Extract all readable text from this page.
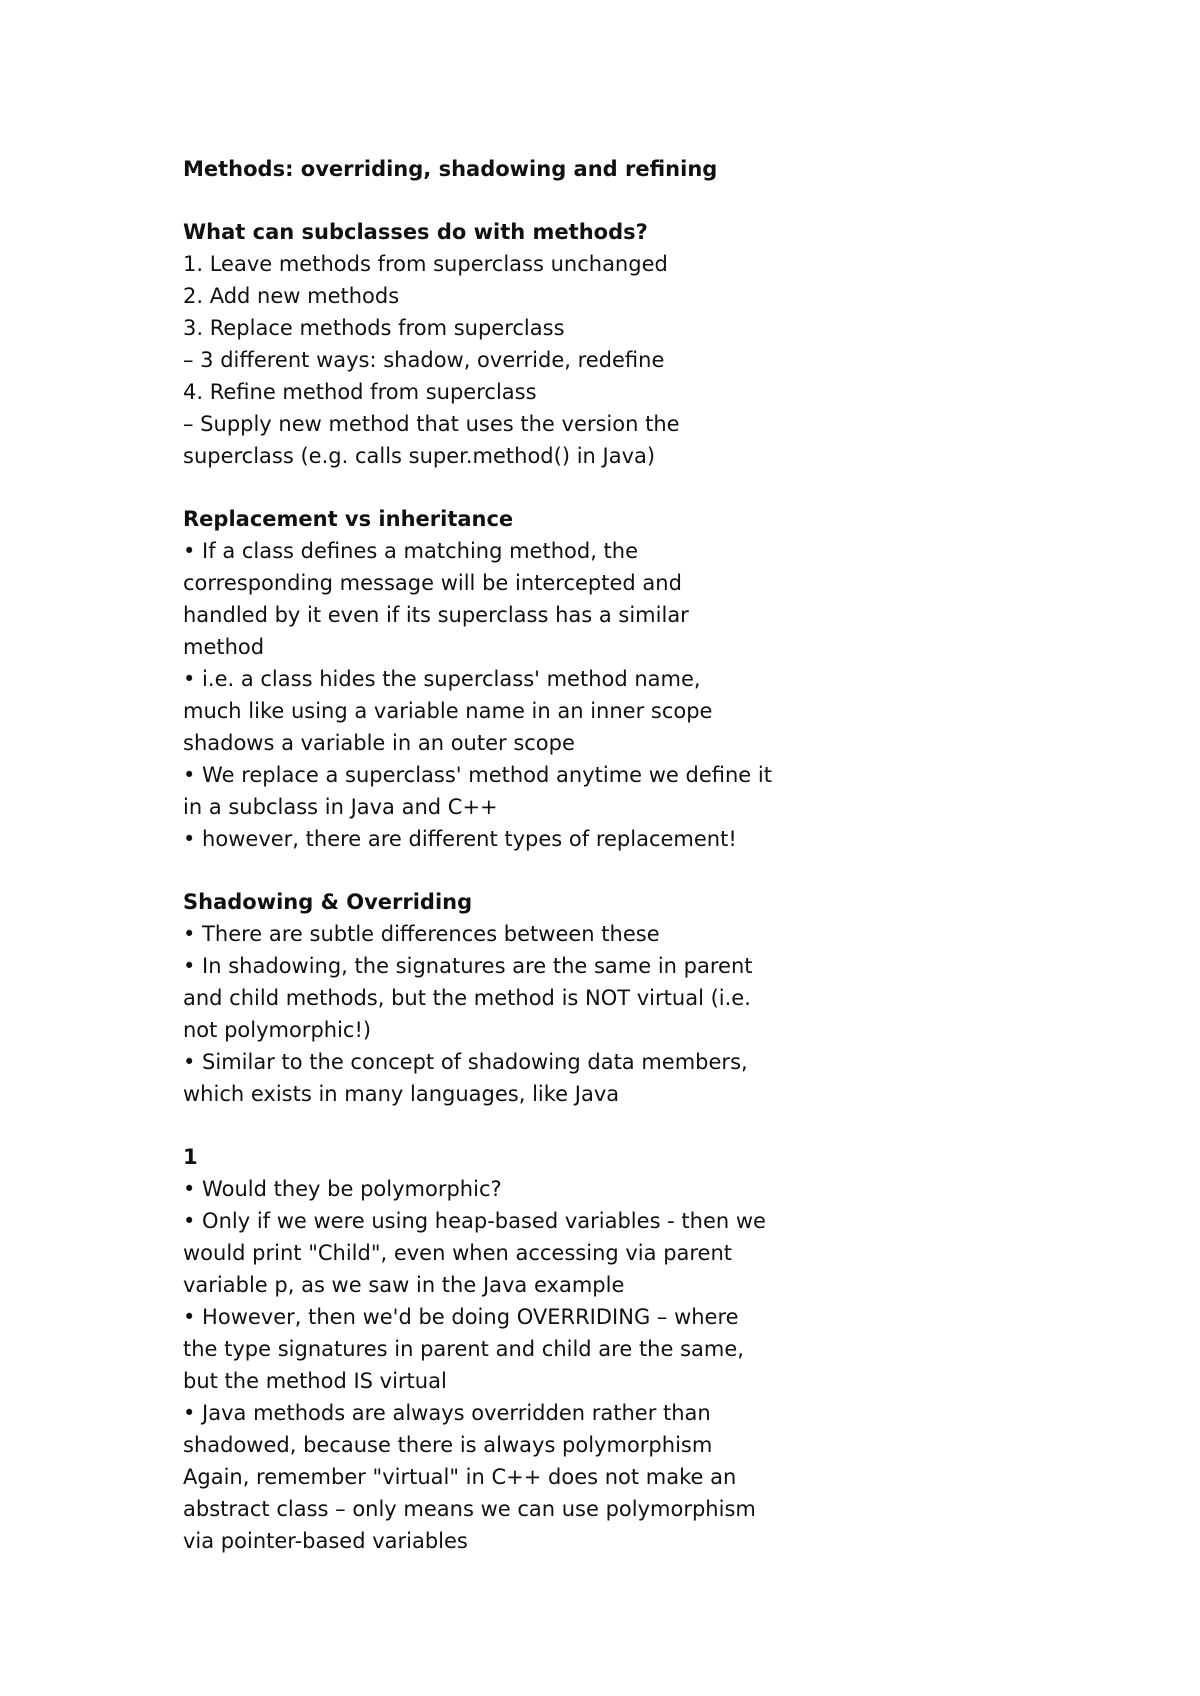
Methods: overriding, shadowing and refining
What can subclasses do with methods?
1. Leave methods from superclass unchanged
2. Add new methods
3. Replace methods from superclass
– 3 different ways: shadow, override, redefine
4. Refine method from superclass
– Supply new method that uses the version the
superclass (e.g. calls super.method() in Java)
Replacement vs inheritance
• If a class defines a matching method, the
corresponding message will be intercepted and
handled by it even if its superclass has a similar
method
• i.e. a class hides the superclass' method name,
much like using a variable name in an inner scope
shadows a variable in an outer scope
• We replace a superclass' method anytime we define it
in a subclass in Java and C++
• however, there are different types of replacement!
Shadowing & Overriding
• There are subtle differences between these
• In shadowing, the signatures are the same in parent
and child methods, but the method is NOT virtual (i.e.
not polymorphic!)
• Similar to the concept of shadowing data members,
which exists in many languages, like Java
1
• Would they be polymorphic?
• Only if we were using heap-based variables - then we
would print "Child", even when accessing via parent
variable p, as we saw in the Java example
• However, then we'd be doing OVERRIDING – where
the type signatures in parent and child are the same,
but the method IS virtual
• Java methods are always overridden rather than
shadowed, because there is always polymorphism
Again, remember "virtual" in C++ does not make an
abstract class – only means we can use polymorphism
via pointer-based variables
